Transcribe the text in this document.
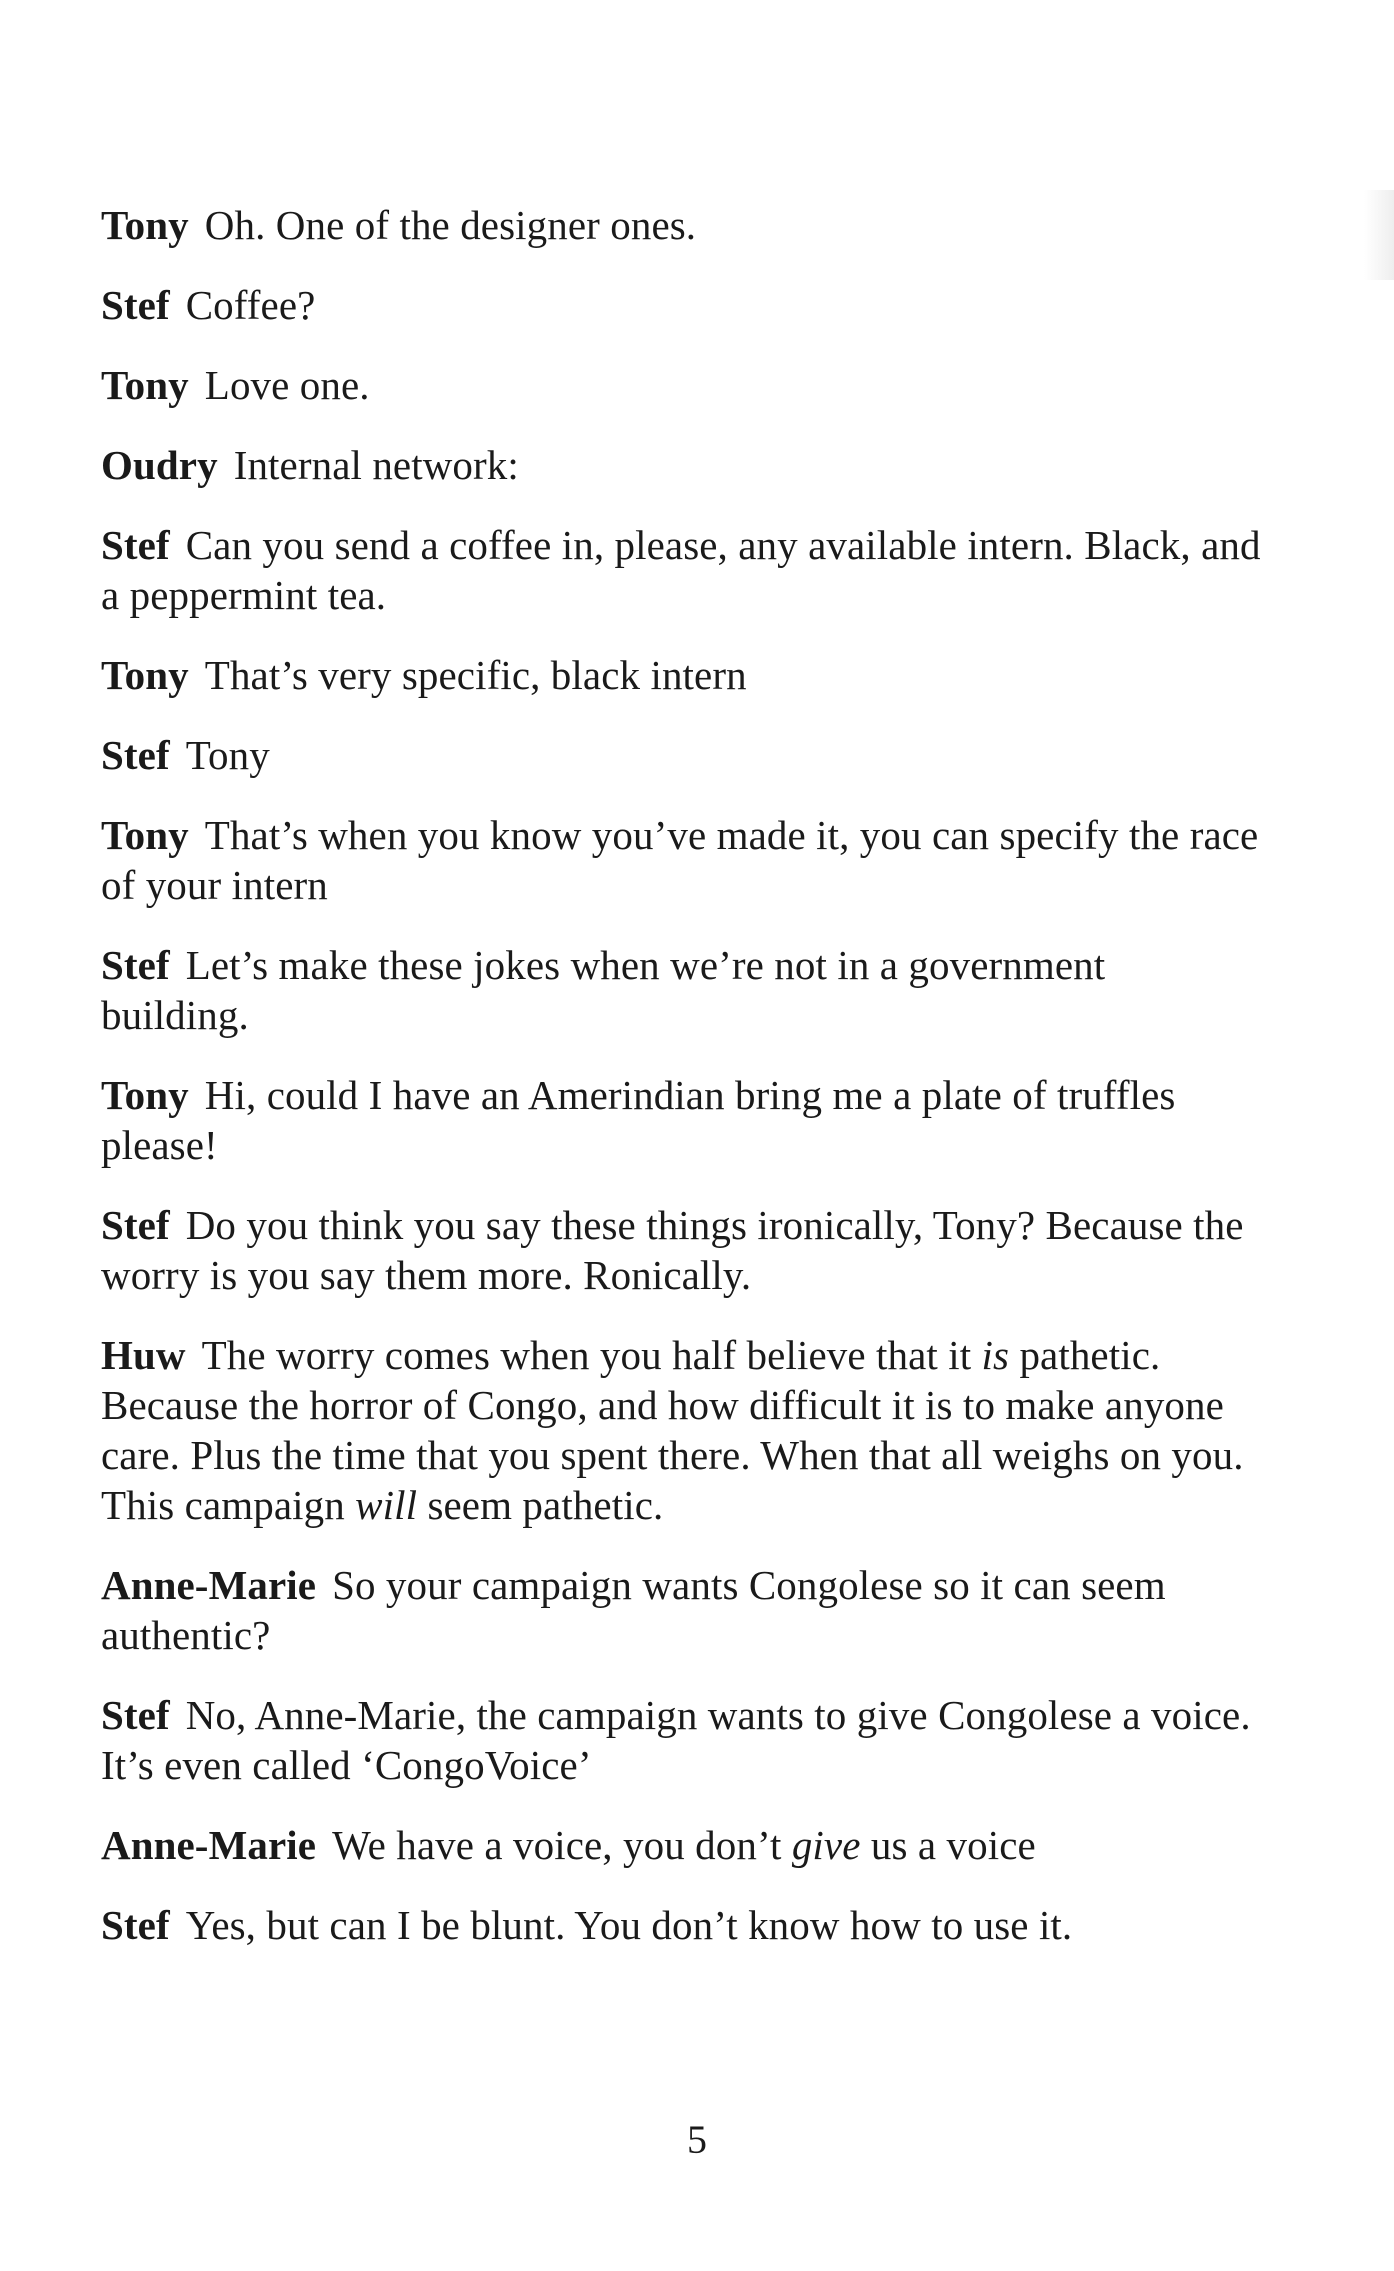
Tony Oh. One of the designer ones.

Stef Coffee?

Tony Love one.

Oudry Internal network:

Stef Can you send a coffee in, please, any available intern. Black, and a peppermint tea.

Tony That’s very specific, black intern

Stef Tony

Tony That’s when you know you’ve made it, you can specify the race of your intern

Stef Let’s make these jokes when we’re not in a government building.

Tony Hi, could I have an Amerindian bring me a plate of truffles please!

Stef Do you think you say these things ironically, Tony? Because the worry is you say them more. Ronically.

Huw The worry comes when you half believe that it is pathetic. Because the horror of Congo, and how difficult it is to make anyone care. Plus the time that you spent there. When that all weighs on you. This campaign will seem pathetic.

Anne-Marie So your campaign wants Congolese so it can seem authentic?

Stef No, Anne-Marie, the campaign wants to give Congolese a voice. It’s even called ‘CongoVoice’

Anne-Marie We have a voice, you don’t give us a voice

Stef Yes, but can I be blunt. You don’t know how to use it.

5
